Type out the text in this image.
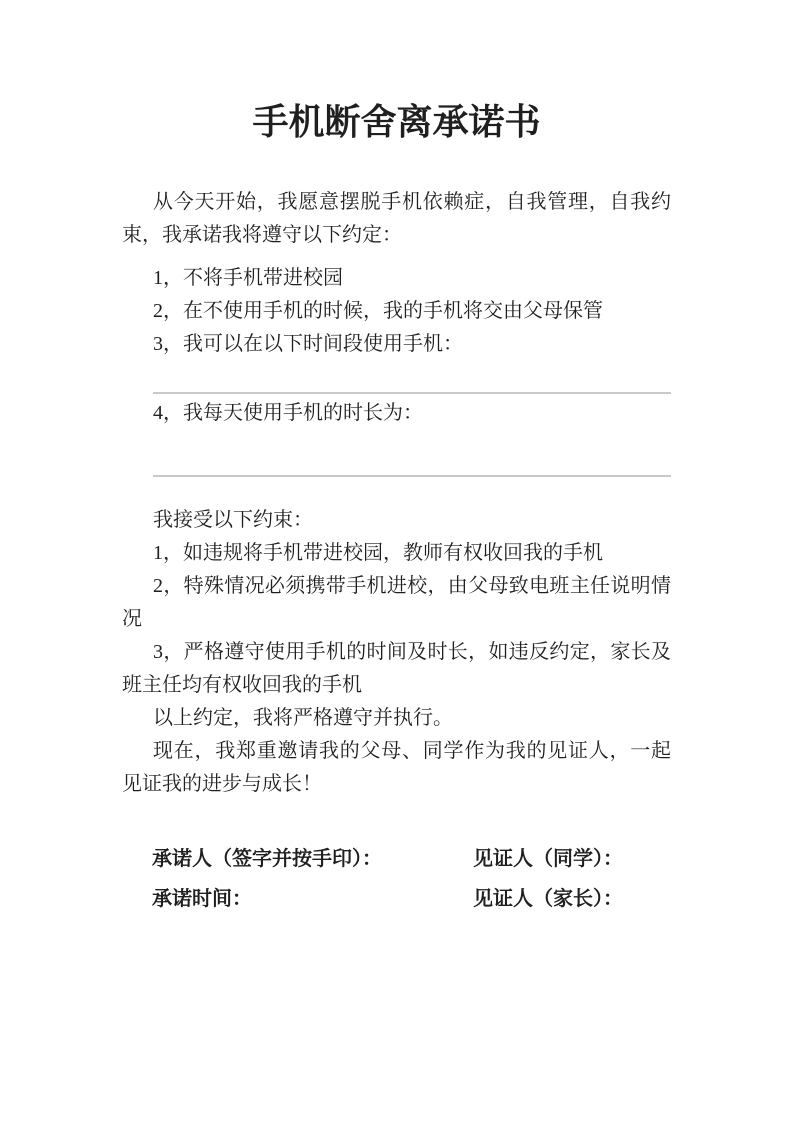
手机断舍离承诺书

从今天开始，我愿意摆脱手机依赖症，自我管理，自我约束，我承诺我将遵守以下约定：

1，不将手机带进校园

2，在不使用手机的时候，我的手机将交由父母保管

3，我可以在以下时间段使用手机：

4，我每天使用手机的时长为：

我接受以下约束：

1，如违规将手机带进校园，教师有权收回我的手机

2，特殊情况必须携带手机进校，由父母致电班主任说明情况

3，严格遵守使用手机的时间及时长，如违反约定，家长及班主任均有权收回我的手机

以上约定，我将严格遵守并执行。

现在，我郑重邀请我的父母、同学作为我的见证人，一起见证我的进步与成长！

承诺人（签字并按手印）：	见证人（同学）：
承诺时间：	见证人（家长）：
